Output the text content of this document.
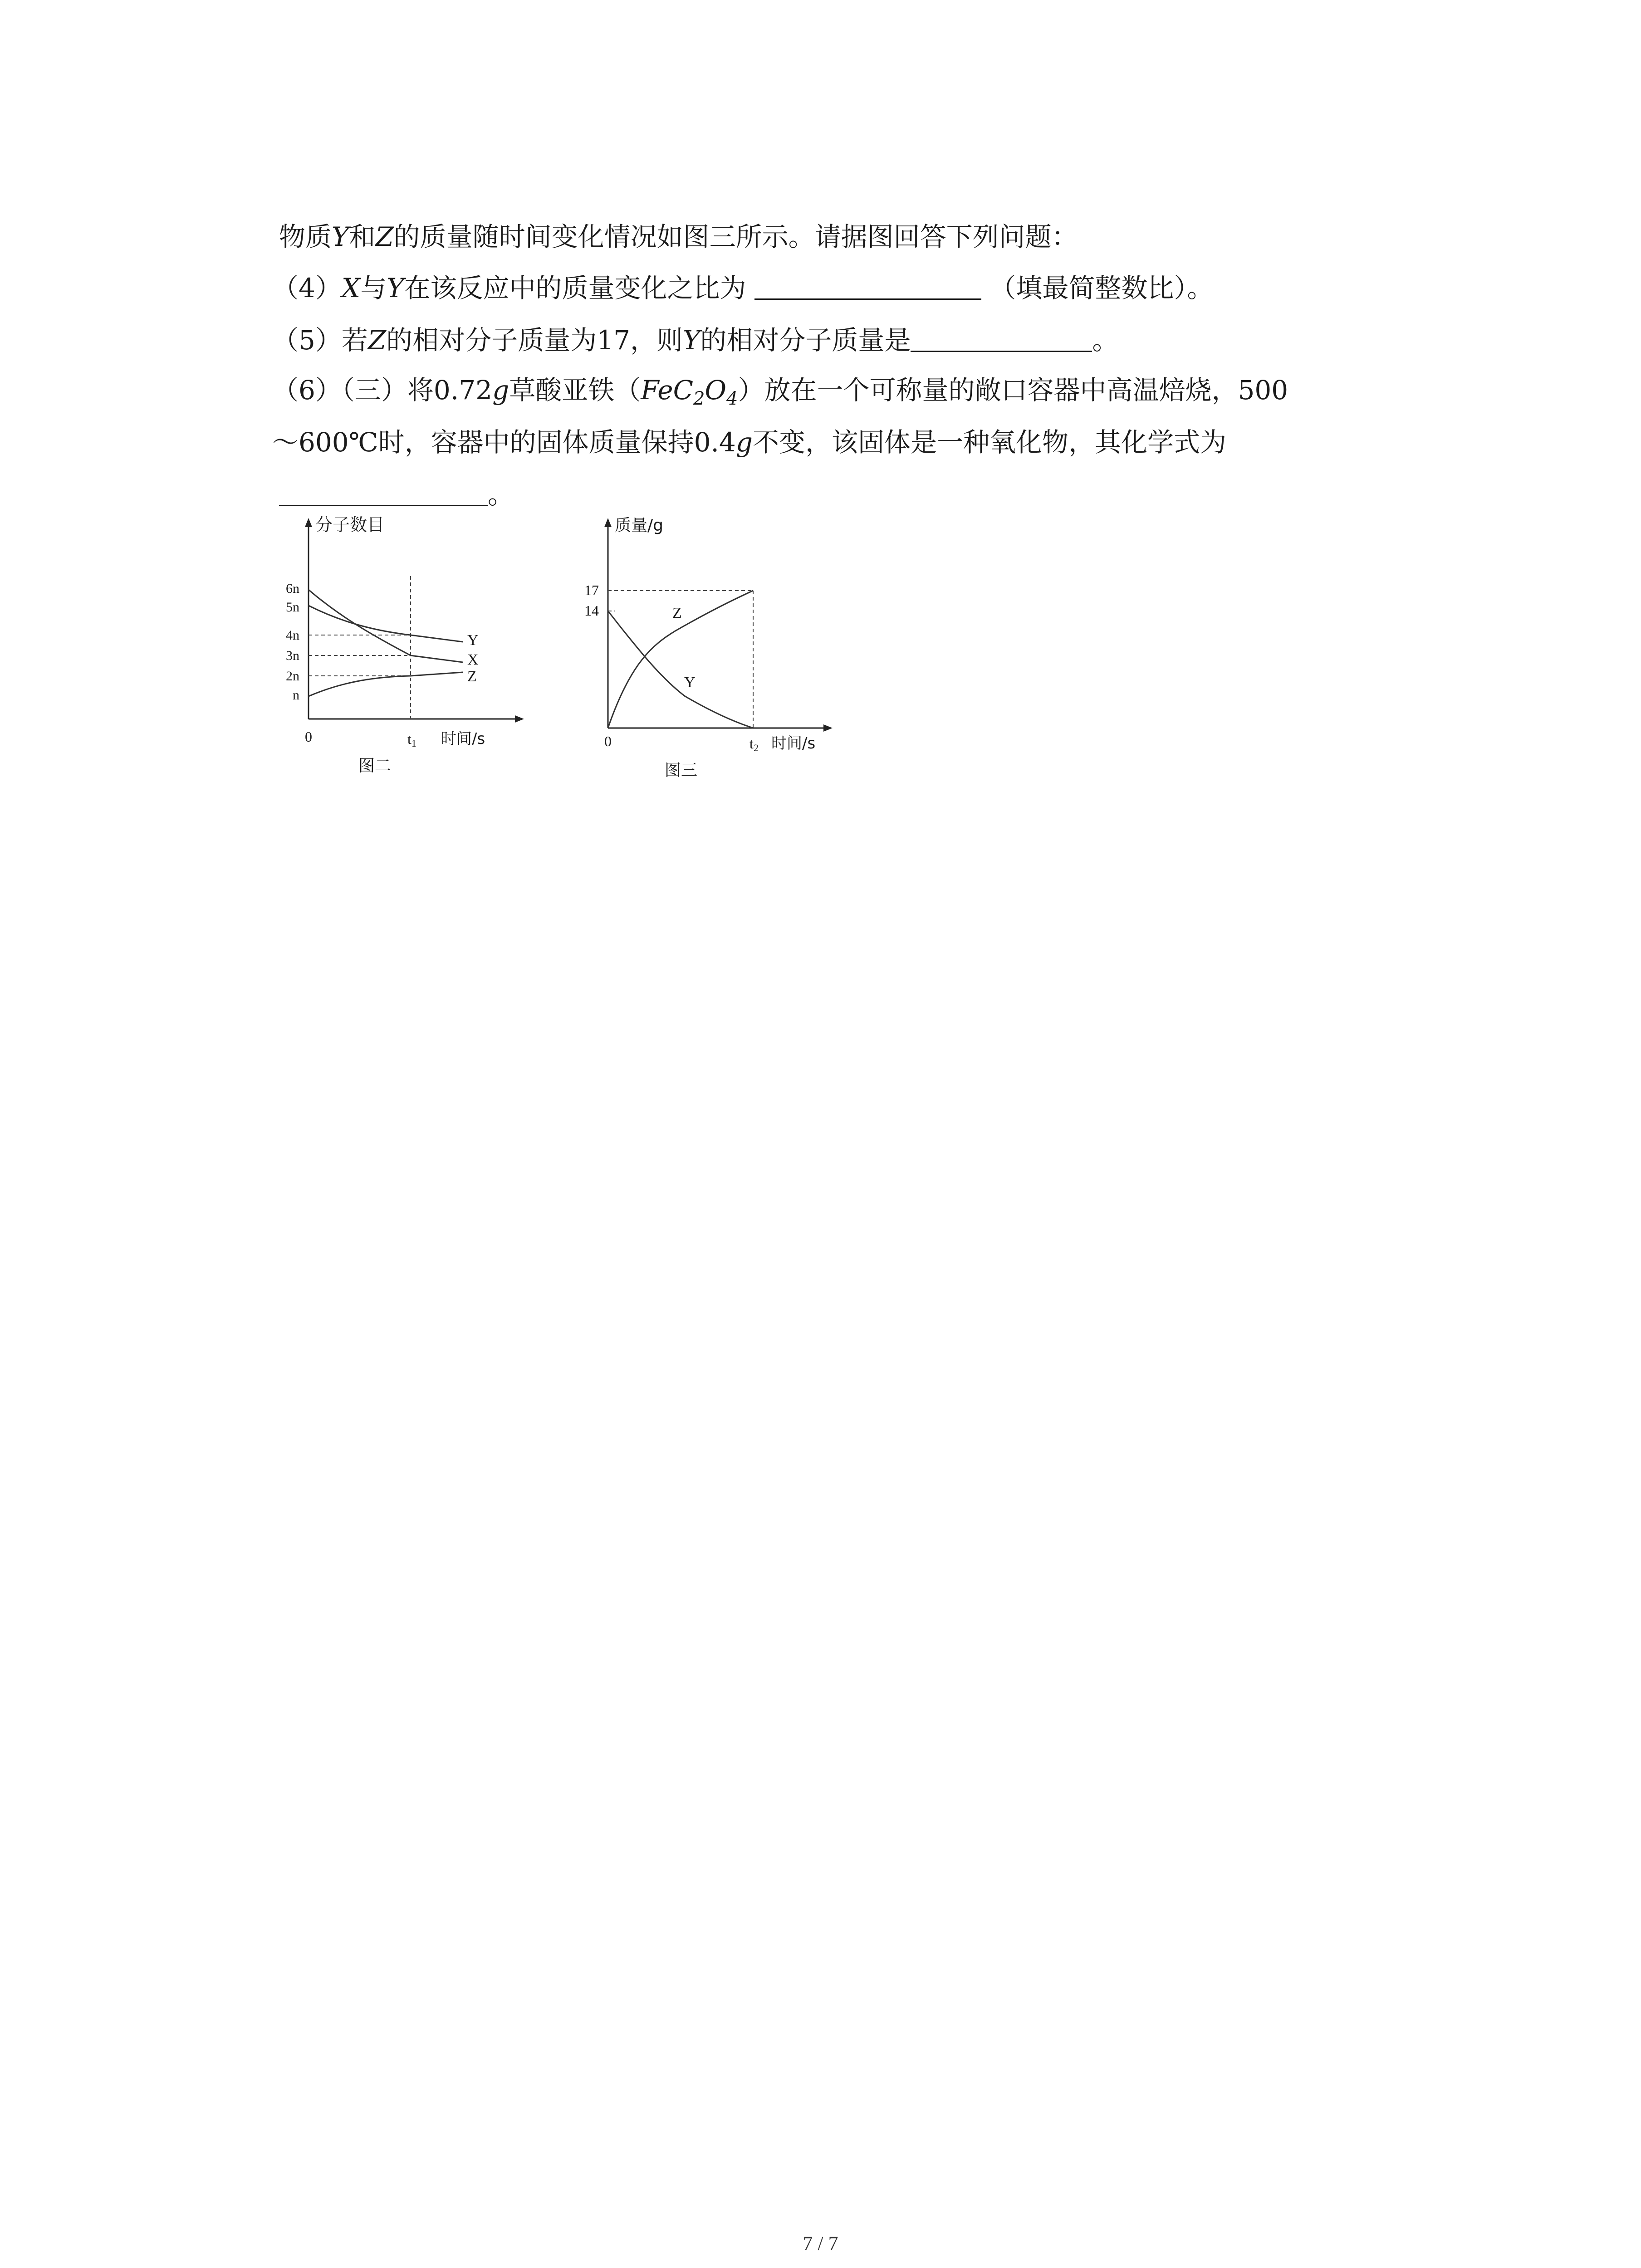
物质Y和Z的质量随时间变化情况如图三所示。请据图回答下列问题：
（4）X与Y在该反应中的质量变化之比为	（填最简整数比）。
（5）若Z的相对分子质量为17，则Y的相对分子质量是	。
（6）（三）将0.72g草酸亚铁$(FeC_2O_4)$放在一个可称量的敞口容器中高温焙烧，500
～600℃时，容器中的固体质量保持0.4g不变，该固体是一种氧化物，其化学式为
。
分子数目
时间/s
0	t1
6n
5n
4n
3n
2n
n
Y
X
Z
图二
质量/g
时间/s
0	t2
17
14	Z
Y
图三
7 / 7
